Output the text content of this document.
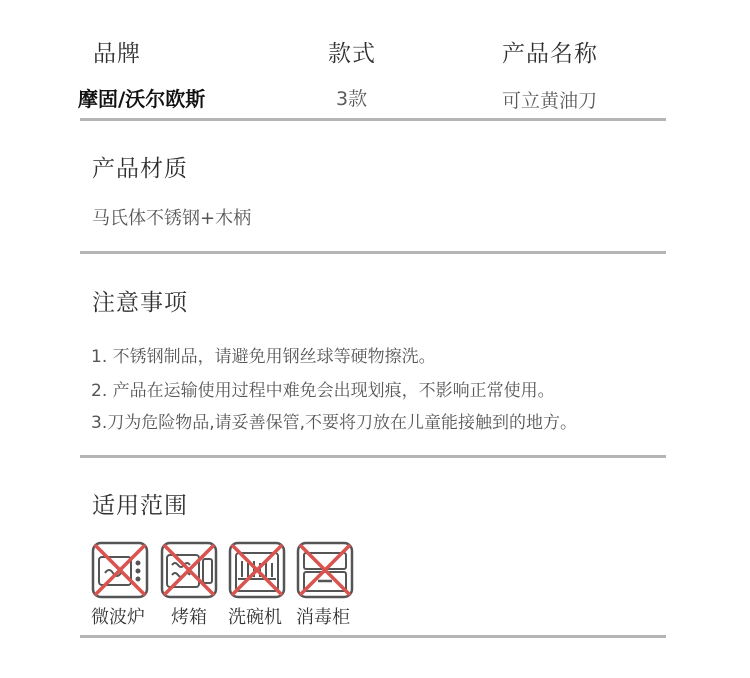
品牌	款式	产品名称
摩固/沃尔欧斯	3款	可立黄油刀
产品材质
马氏体不锈钢+木柄
注意事项
1. 不锈钢制品，请避免用钢丝球等硬物擦洗。
2. 产品在运输使用过程中难免会出现划痕，不影响正常使用。
3.刀为危险物品,请妥善保管,不要将刀放在儿童能接触到的地方。
适用范围
微波炉 烤箱 洗碗机 消毒柜
